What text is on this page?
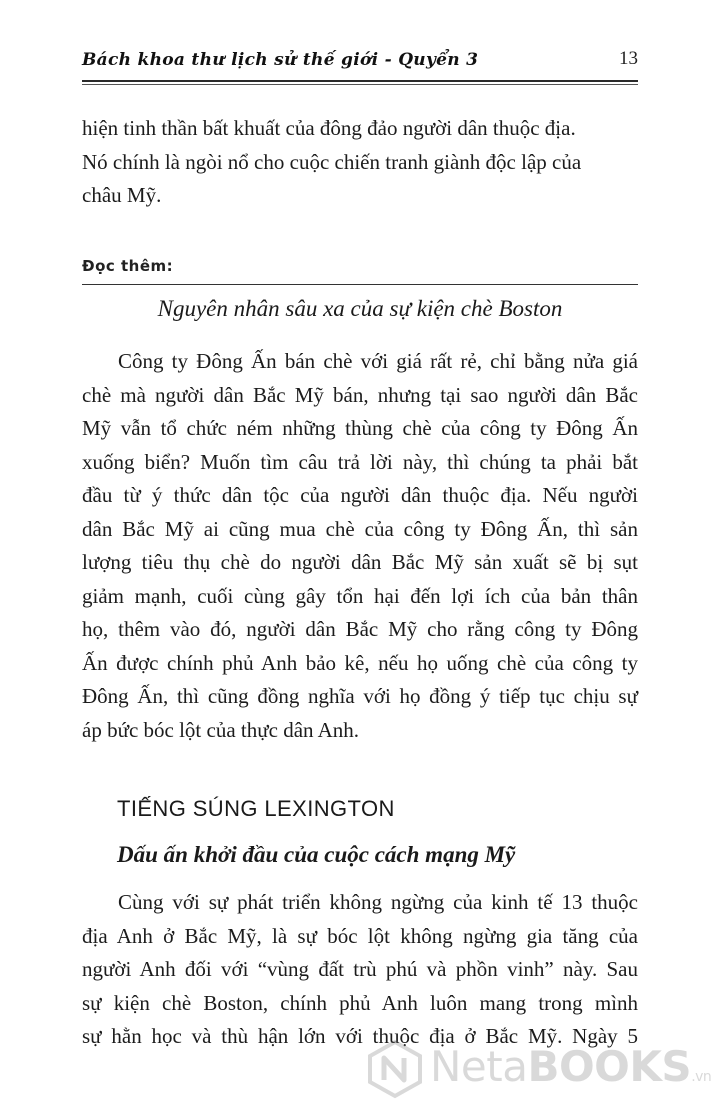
Bách khoa thư lịch sử thế giới - Quyển 3	13
hiện tinh thần bất khuất của đông đảo người dân thuộc địa.
Nó chính là ngòi nổ cho cuộc chiến tranh giành độc lập của
châu Mỹ.
Đọc thêm:
Nguyên nhân sâu xa của sự kiện chè Boston
Công ty Đông Ấn bán chè với giá rất rẻ, chỉ bằng nửa giá
chè mà người dân Bắc Mỹ bán, nhưng tại sao người dân Bắc
Mỹ vẫn tổ chức ném những thùng chè của công ty Đông Ấn
xuống biển? Muốn tìm câu trả lời này, thì chúng ta phải bắt
đầu từ ý thức dân tộc của người dân thuộc địa. Nếu người
dân Bắc Mỹ ai cũng mua chè của công ty Đông Ấn, thì sản
lượng tiêu thụ chè do người dân Bắc Mỹ sản xuất sẽ bị sụt
giảm mạnh, cuối cùng gây tổn hại đến lợi ích của bản thân
họ, thêm vào đó, người dân Bắc Mỹ cho rằng công ty Đông
Ấn được chính phủ Anh bảo kê, nếu họ uống chè của công ty
Đông Ấn, thì cũng đồng nghĩa với họ đồng ý tiếp tục chịu sự
áp bức bóc lột của thực dân Anh.
TIẾNG SÚNG LEXINGTON
Dấu ấn khởi đầu của cuộc cách mạng Mỹ
Cùng với sự phát triển không ngừng của kinh tế 13 thuộc
địa Anh ở Bắc Mỹ, là sự bóc lột không ngừng gia tăng của
người Anh đối với “vùng đất trù phú và phồn vinh” này. Sau
sự kiện chè Boston, chính phủ Anh luôn mang trong mình
sự hằn học và thù hận lớn với thuộc địa ở Bắc Mỹ. Ngày 5
NetaBOOKS.vn
